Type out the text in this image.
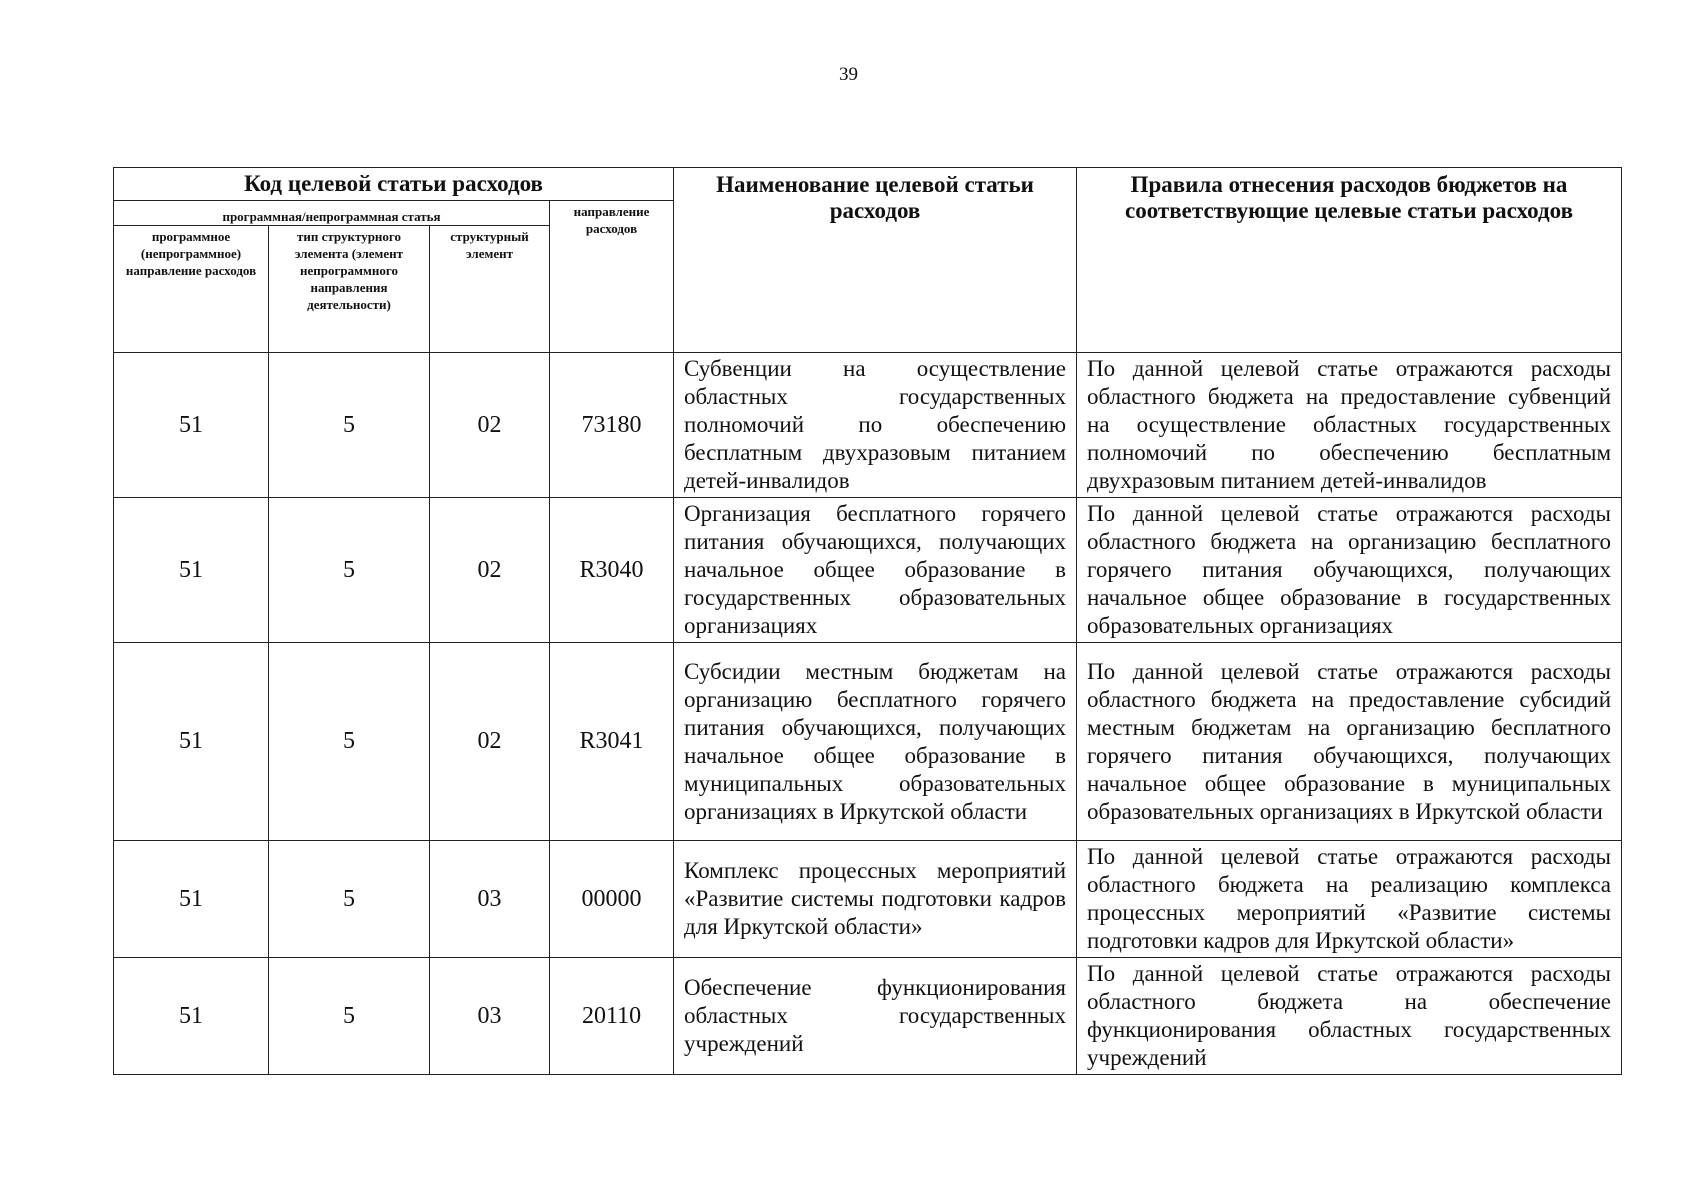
39
Код целевой статьи расходов				Наименование целевой статьи расходов	Правила отнесения расходов бюджетов на соответствующие целевые статьи расходов
программная/непрограммная статья			направление расходов		
программное (непрограммное) направление расходов	тип структурного элемента (элемент непрограммного направления деятельности)	структурный элемент			
51	5	02	73180	Субвенции на осуществление областных государственных полномочий по обеспечению бесплатным двухразовым питанием детей-инвалидов	По данной целевой статье отражаются расходы областного бюджета на предоставление субвенций на осуществление областных государственных полномочий по обеспечению бесплатным двухразовым питанием детей-инвалидов
51	5	02	R3040	Организация бесплатного горячего питания обучающихся, получающих начальное общее образование в государственных образовательных организациях	По данной целевой статье отражаются расходы областного бюджета на организацию бесплатного горячего питания обучающихся, получающих начальное общее образование в государственных образовательных организациях
51	5	02	R3041	Субсидии местным бюджетам на организацию бесплатного горячего питания обучающихся, получающих начальное общее образование в муниципальных образовательных организациях в Иркутской области	По данной целевой статье отражаются расходы областного бюджета на предоставление субсидий местным бюджетам на организацию бесплатного горячего питания обучающихся, получающих начальное общее образование в муниципальных образовательных организациях в Иркутской области
51	5	03	00000	Комплекс процессных мероприятий «Развитие системы подготовки кадров для Иркутской области»	По данной целевой статье отражаются расходы областного бюджета на реализацию комплекса процессных мероприятий «Развитие системы подготовки кадров для Иркутской области»
51	5	03	20110	Обеспечение функционирования областных государственных учреждений	По данной целевой статье отражаются расходы областного бюджета на обеспечение функционирования областных государственных учреждений
